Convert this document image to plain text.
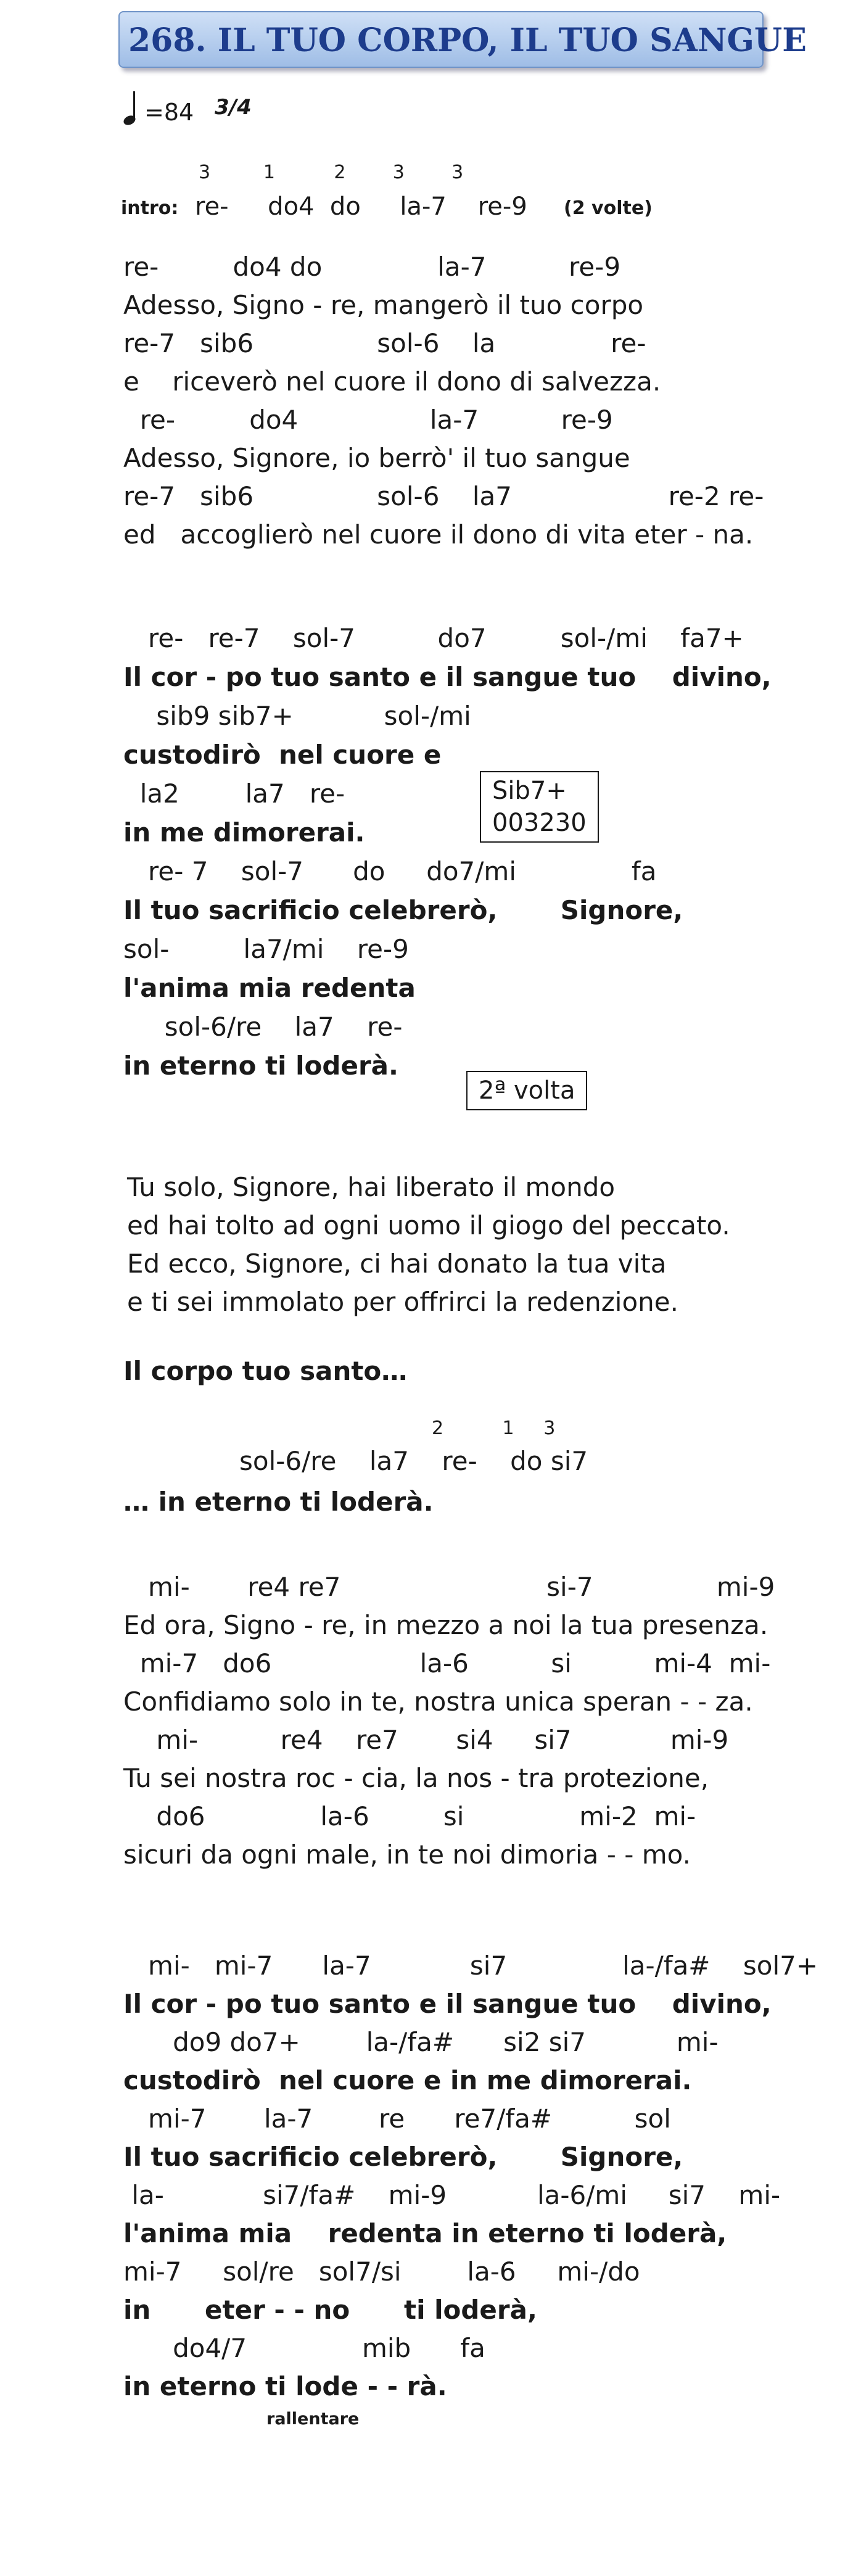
268. IL TUO CORPO, IL TUO SANGUE
=84 3/4
3         1          2        3        3
intro: re-     do4  do     la-7    re-9 (2 volte)
re-         do4 do              la-7          re-9
Adesso, Signo - re, mangerò il tuo corpo
re-7   sib6               sol-6    la              re-
e    riceverò nel cuore il dono di salvezza.
re-         do4                la-7          re-9
Adesso, Signore, io berrò' il tuo sangue
re-7   sib6               sol-6    la7                   re-2 re-
ed   accoglierò nel cuore il dono di vita eter - na.
re-   re-7    sol-7          do7         sol-/mi    fa7+
Il cor - po tuo santo e il sangue tuo    divino,
sib9 sib7+           sol-/mi
custodirò  nel cuore e
la2        la7   re-
in me dimorerai.
re- 7    sol-7      do     do7/mi              fa
Il tuo sacrificio celebrerò,       Signore,
sol-         la7/mi    re-9
l'anima mia redenta
sol-6/re    la7    re-
in eterno ti loderà.
Sib7+
003230
2ª volta
Tu solo, Signore, hai liberato il mondo
ed hai tolto ad ogni uomo il giogo del peccato.
Ed ecco, Signore, ci hai donato la tua vita
e ti sei immolato per offrirci la redenzione.
Il corpo tuo santo…
2          1     3
sol-6/re    la7    re-    do si7
… in eterno ti loderà.
mi-       re4 re7                         si-7               mi-9
Ed ora, Signo - re, in mezzo a noi la tua presenza.
mi-7   do6                  la-6          si          mi-4  mi-
Confidiamo solo in te, nostra unica speran - - za.
mi-          re4    re7       si4     si7            mi-9
Tu sei nostra roc - cia, la nos - tra protezione,
do6              la-6         si              mi-2  mi-
sicuri da ogni male, in te noi dimoria - - mo.
mi-   mi-7      la-7            si7              la-/fa#    sol7+
Il cor - po tuo santo e il sangue tuo    divino,
do9 do7+        la-/fa#      si2 si7           mi-
custodirò  nel cuore e in me dimorerai.
mi-7       la-7        re      re7/fa#          sol
Il tuo sacrificio celebrerò,       Signore,
la-            si7/fa#    mi-9           la-6/mi     si7    mi-
l'anima mia    redenta in eterno ti loderà,
mi-7     sol/re   sol7/si        la-6     mi-/do
in      eter - - no      ti loderà,
do4/7              mib      fa
in eterno ti lode - - rà.
rallentare
